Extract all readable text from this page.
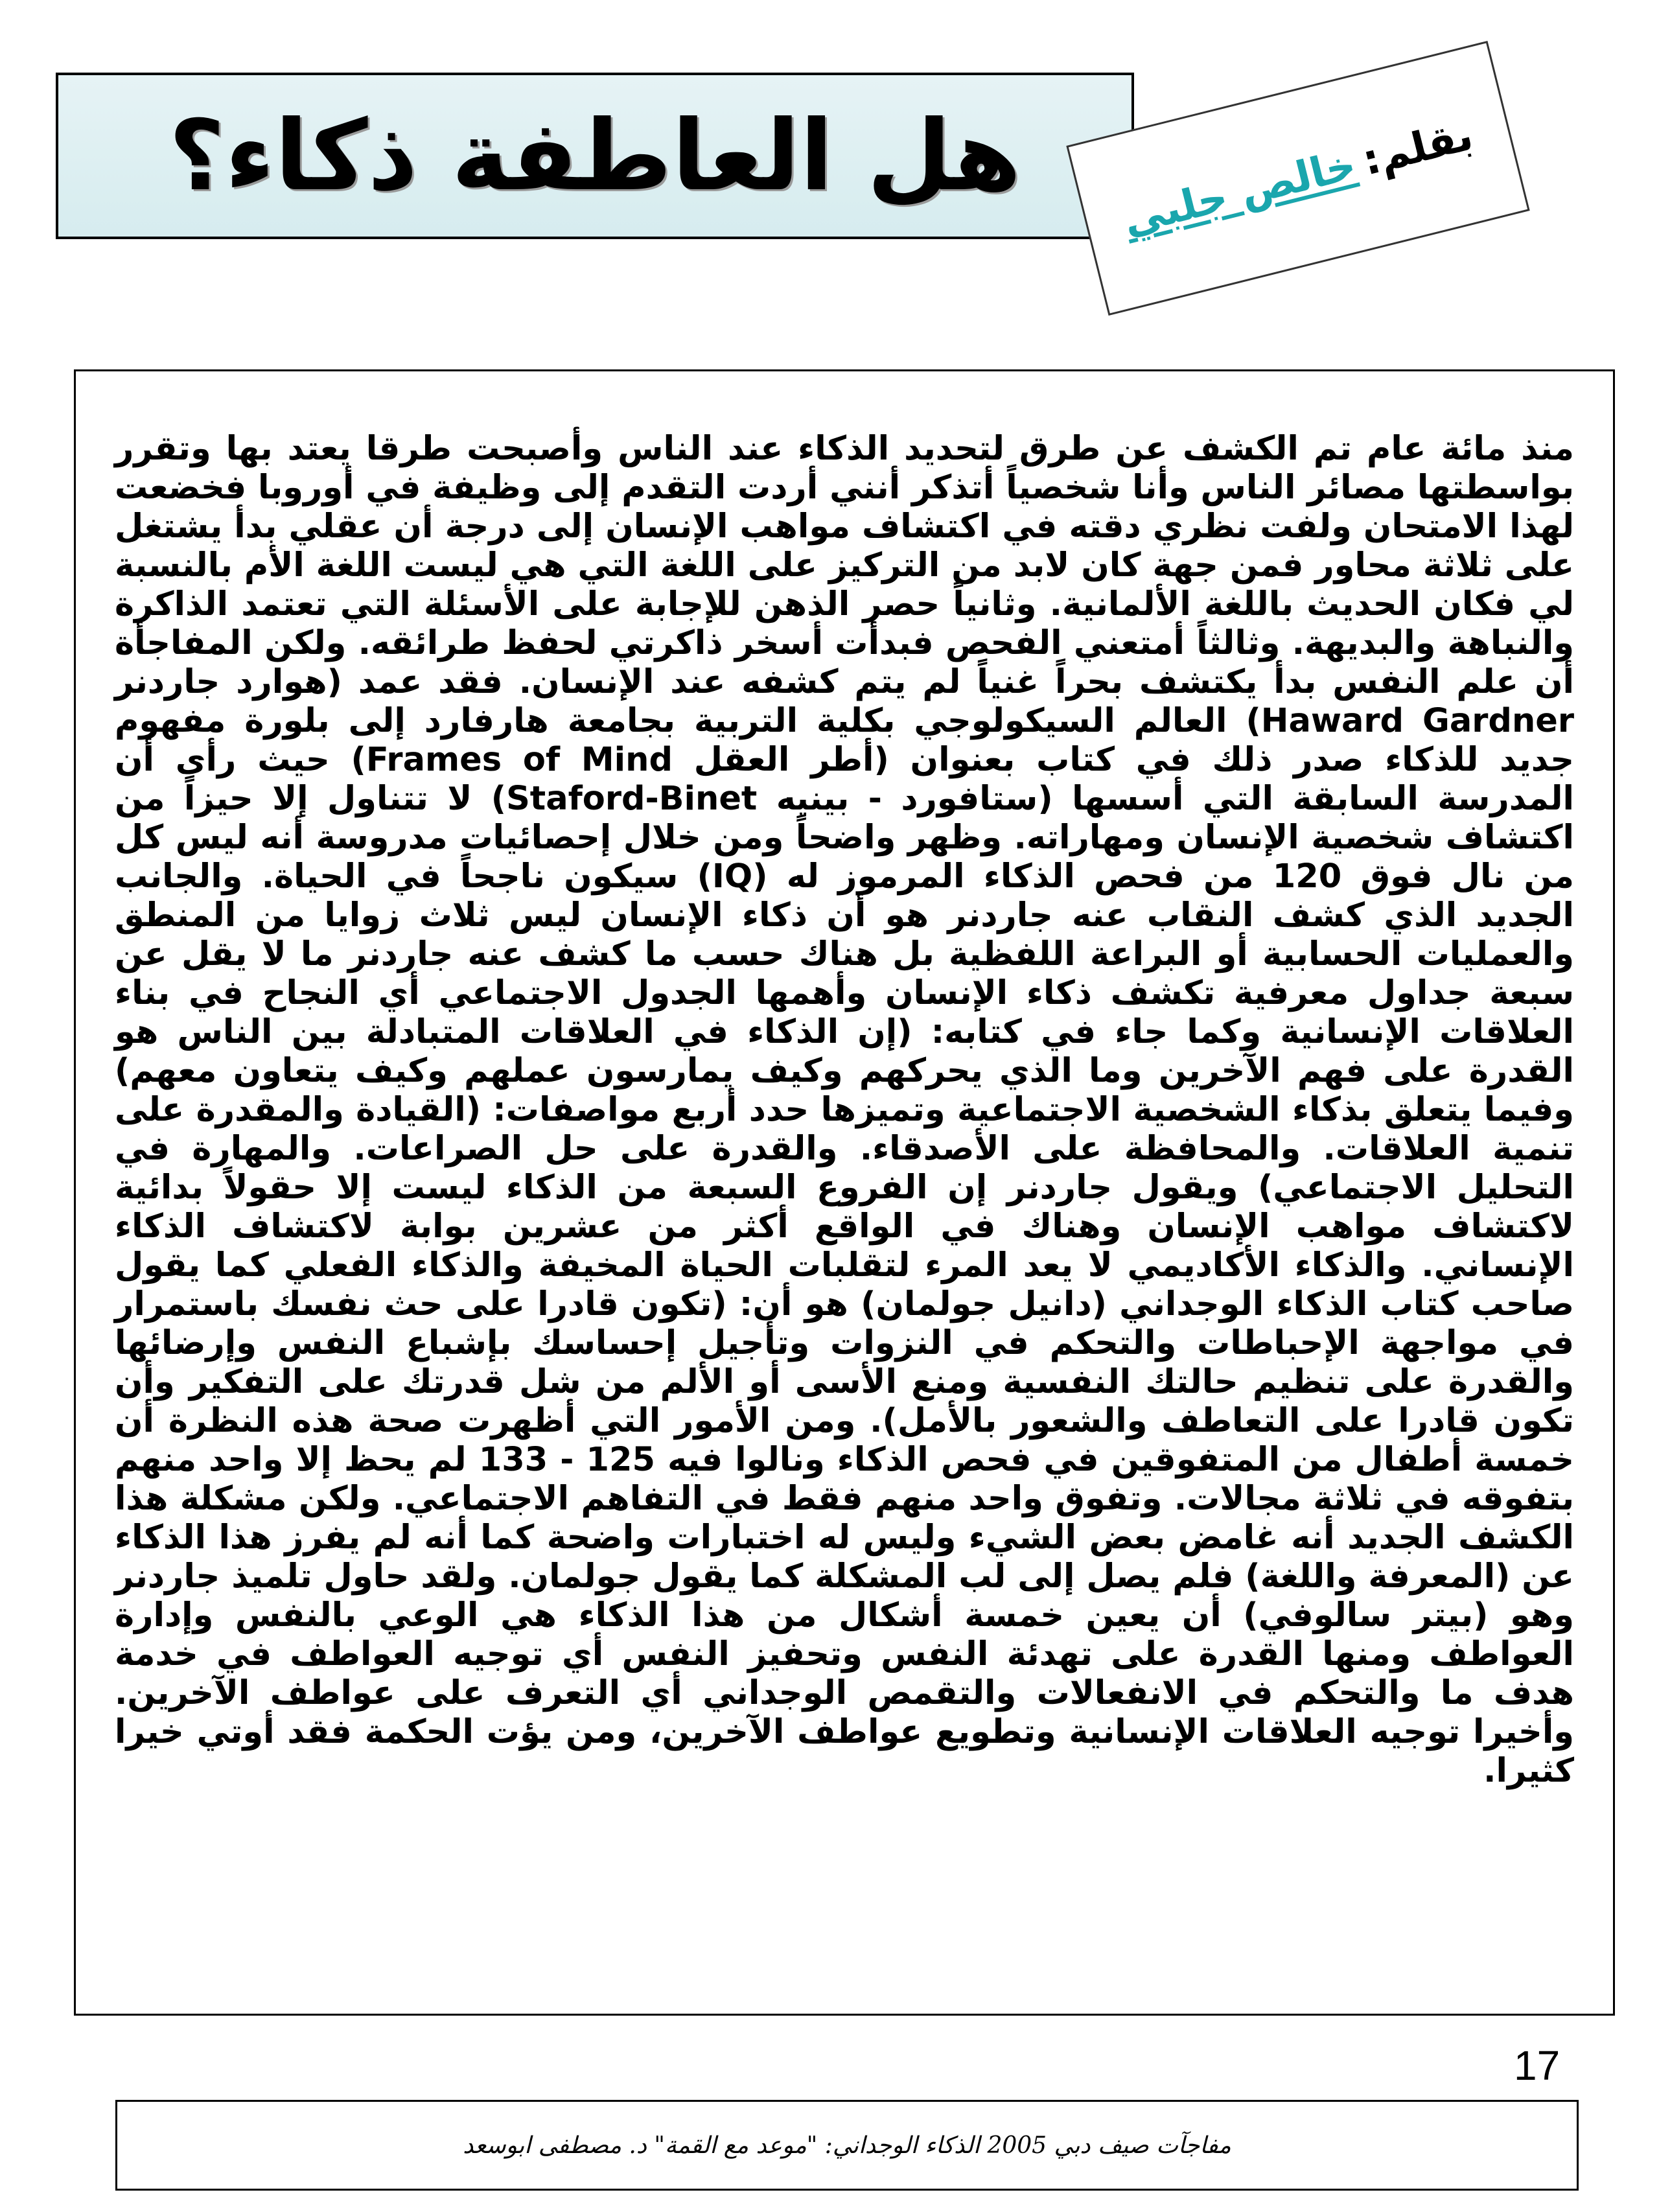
هل العاطفة ذكاء؟	بقلم:
خالص جلبي

منذ مائة عام تم الكشف عن طرق لتحديد الذكاء عند الناس وأصبحت طرقا يعتد بها وتقرر بواسطتها مصائر الناس وأنا شخصياً أتذكر أنني أردت التقدم إلى وظيفة في أوروبا فخضعت لهذا الامتحان ولفت نظري دقته في اكتشاف مواهب الإنسان إلى درجة أن عقلي بدأ يشتغل على ثلاثة محاور فمن جهة كان لابد من التركيز على اللغة التي هي ليست اللغة الأم بالنسبة لي فكان الحديث باللغة الألمانية. وثانياً حصر الذهن للإجابة على الأسئلة التي تعتمد الذاكرة والنباهة والبديهة. وثالثاً أمتعني الفحص فبدأت أسخر ذاكرتي لحفظ طرائقه. ولكن المفاجأة أن علم النفس بدأ يكتشف بحراً غنياً لم يتم كشفه عند الإنسان. فقد عمد (هوارد جاردنر Haward Gardner) العالم السيكولوجي بكلية التربية بجامعة هارفارد إلى بلورة مفهوم جديد للذكاء صدر ذلك في كتاب بعنوان (أطر العقل Frames of Mind) حيث رأى أن المدرسة السابقة التي أسسها (ستافورد - بينيه Staford-Binet) لا تتناول إلا حيزاً من اكتشاف شخصية الإنسان ومهاراته. وظهر واضحاً ومن خلال إحصائيات مدروسة أنه ليس كل من نال فوق 120 من فحص الذكاء المرموز له (IQ) سيكون ناجحاً في الحياة. والجانب الجديد الذي كشف النقاب عنه جاردنر هو أن ذكاء الإنسان ليس ثلاث زوايا من المنطق والعمليات الحسابية أو البراعة اللفظية بل هناك حسب ما كشف عنه جاردنر ما لا يقل عن سبعة جداول معرفية تكشف ذكاء الإنسان وأهمها الجدول الاجتماعي أي النجاح في بناء العلاقات الإنسانية وكما جاء في كتابه: (إن الذكاء في العلاقات المتبادلة بين الناس هو القدرة على فهم الآخرين وما الذي يحركهم وكيف يمارسون عملهم وكيف يتعاون معهم) وفيما يتعلق بذكاء الشخصية الاجتماعية وتميزها حدد أربع مواصفات: (القيادة والمقدرة على تنمية العلاقات. والمحافظة على الأصدقاء. والقدرة على حل الصراعات. والمهارة في التحليل الاجتماعي) ويقول جاردنر إن الفروع السبعة من الذكاء ليست إلا حقولاً بدائية لاكتشاف مواهب الإنسان وهناك في الواقع أكثر من عشرين بوابة لاكتشاف الذكاء الإنساني. والذكاء الأكاديمي لا يعد المرء لتقلبات الحياة المخيفة والذكاء الفعلي كما يقول صاحب كتاب الذكاء الوجداني (دانيل جولمان) هو أن: (تكون قادرا على حث نفسك باستمرار في مواجهة الإحباطات والتحكم في النزوات وتأجيل إحساسك بإشباع النفس وإرضائها والقدرة على تنظيم حالتك النفسية ومنع الأسى أو الألم من شل قدرتك على التفكير وأن تكون قادرا على التعاطف والشعور بالأمل). ومن الأمور التي أظهرت صحة هذه النظرة أن خمسة أطفال من المتفوقين في فحص الذكاء ونالوا فيه 125 - 133 لم يحظ إلا واحد منهم بتفوقه في ثلاثة مجالات. وتفوق واحد منهم فقط في التفاهم الاجتماعي. ولكن مشكلة هذا الكشف الجديد أنه غامض بعض الشيء وليس له اختبارات واضحة كما أنه لم يفرز هذا الذكاء عن (المعرفة واللغة) فلم يصل إلى لب المشكلة كما يقول جولمان. ولقد حاول تلميذ جاردنر وهو (بيتر سالوفي) أن يعين خمسة أشكال من هذا الذكاء هي الوعي بالنفس وإدارة العواطف ومنها القدرة على تهدئة النفس وتحفيز النفس أي توجيه العواطف في خدمة هدف ما والتحكم في الانفعالات والتقمص الوجداني أي التعرف على عواطف الآخرين. وأخيرا توجيه العلاقات الإنسانية وتطويع عواطف الآخرين، ومن يؤت الحكمة فقد أوتي خيرا كثيرا.

17
مفاجآت صيف دبي 2005 الذكاء الوجداني: "موعد مع القمة" د. مصطفى ابوسعد
